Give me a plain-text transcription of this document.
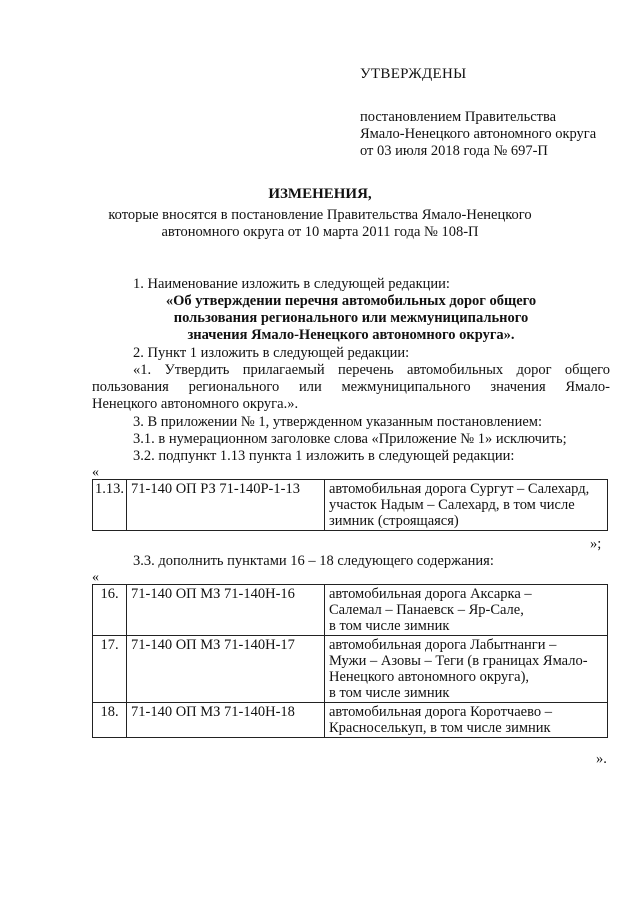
УТВЕРЖДЕНЫ
постановлением Правительства
Ямало-Ненецкого автономного округа
от 03 июля 2018 года № 697-П
ИЗМЕНЕНИЯ,
которые вносятся в постановление Правительства Ямало-Ненецкого
автономного округа от 10 марта 2011 года № 108-П
1. Наименование изложить в следующей редакции:
«Об утверждении перечня автомобильных дорог общего
пользования регионального или межмуниципального
значения Ямало-Ненецкого автономного округа».
2. Пункт 1 изложить в следующей редакции:
«1. Утвердить прилагаемый перечень автомобильных дорог общего
пользования регионального или межмуниципального значения Ямало-
Ненецкого автономного округа.».
3. В приложении № 1, утвержденном указанным постановлением:
3.1. в нумерационном заголовке слова «Приложение № 1» исключить;
3.2. подпункт 1.13 пункта 1 изложить в следующей редакции:
«
1.13.	71-140 ОП РЗ 71-140Р-1-13	автомобильная дорога Сургут – Салехард,
участок Надым – Салехард, в том числе
зимник (строящаяся)
»;
3.3. дополнить пунктами 16 – 18 следующего содержания:
«
16.	71-140 ОП МЗ 71-140Н-16	автомобильная дорога Аксарка –
Салемал – Панаевск – Яр-Сале,
в том числе зимник

17.	71-140 ОП МЗ 71-140Н-17	автомобильная дорога Лабытнанги –
Мужи – Азовы – Теги (в границах Ямало-
Ненецкого автономного округа),
в том числе зимник

18.	71-140 ОП МЗ 71-140Н-18	автомобильная дорога Коротчаево –
Красноселькуп, в том числе зимник
».
